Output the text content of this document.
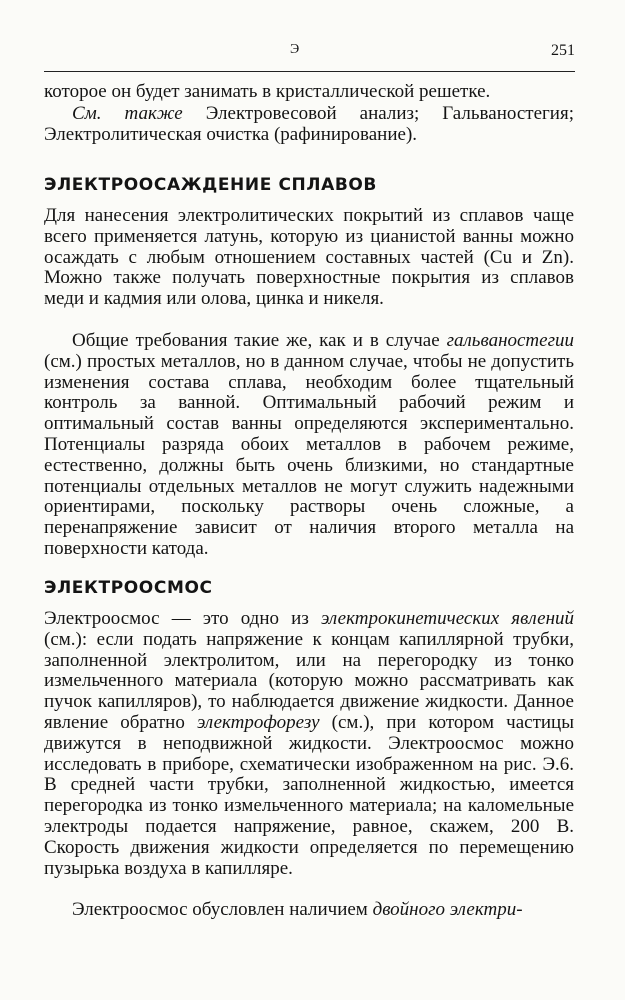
Э	251
которое он будет занимать в кристаллической решетке.
См. также Электровесовой анализ; Гальваностегия; Электролитическая очистка (рафинирование).
ЭЛЕКТРООСАЖДЕНИЕ СПЛАВОВ
Для нанесения электролитических покрытий из сплавов чаще всего применяется латунь, которую из цианистой ванны можно осаждать с любым отношением составных частей (Cu и Zn). Можно также получать поверхностные покрытия из сплавов меди и кадмия или олова, цинка и никеля.
Общие требования такие же, как и в случае гальваностегии (см.) простых металлов, но в данном случае, чтобы не допустить изменения состава сплава, необходим более тщательный контроль за ванной. Оптимальный рабочий режим и оптимальный состав ванны определяются экспериментально. Потенциалы разряда обоих металлов в рабочем режиме, естественно, должны быть очень близкими, но стандартные потенциалы отдельных металлов не могут служить надежными ориентирами, поскольку растворы очень сложные, а перенапряжение зависит от наличия второго металла на поверхности катода.
ЭЛЕКТРООСМОС
Электроосмос — это одно из электрокинетических явлений (см.): если подать напряжение к концам капиллярной трубки, заполненной электролитом, или на перегородку из тонко измельченного материала (которую можно рассматривать как пучок капилляров), то наблюдается движение жидкости. Данное явление обратно электрофорезу (см.), при котором частицы движутся в неподвижной жидкости. Электроосмос можно исследовать в приборе, схематически изображенном на рис. Э.6. В средней части трубки, заполненной жидкостью, имеется перегородка из тонко измельченного материала; на каломельные электроды подается напряжение, равное, скажем, 200 В. Скорость движения жидкости определяется по перемещению пузырька воздуха в капилляре.
Электроосмос обусловлен наличием двойного электри-
